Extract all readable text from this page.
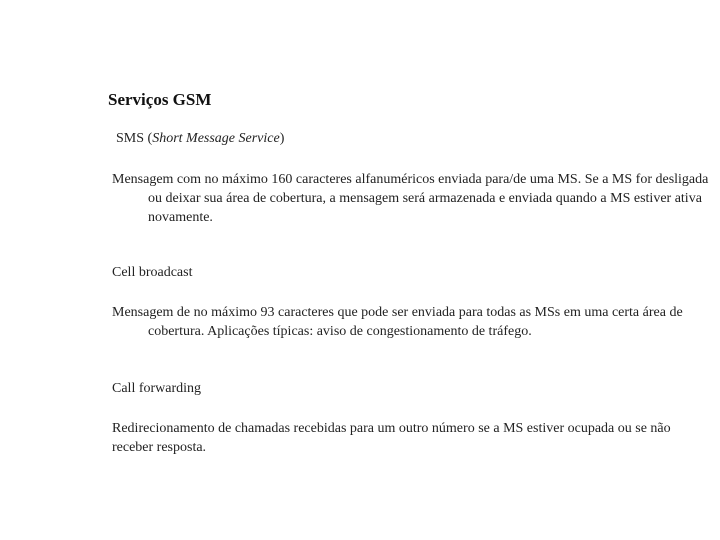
Serviços GSM
SMS (Short Message Service)
Mensagem com no máximo 160 caracteres alfanuméricos enviada para/de uma MS. Se a MS for desligada ou deixar sua área de cobertura, a mensagem será armazenada e enviada quando a MS estiver ativa novamente.
Cell broadcast
Mensagem de no máximo 93 caracteres que pode ser enviada para todas as MSs em uma certa área de cobertura. Aplicações típicas: aviso de congestionamento de tráfego.
Call forwarding
Redirecionamento de chamadas recebidas para um outro número se a MS estiver ocupada ou se não receber resposta.
